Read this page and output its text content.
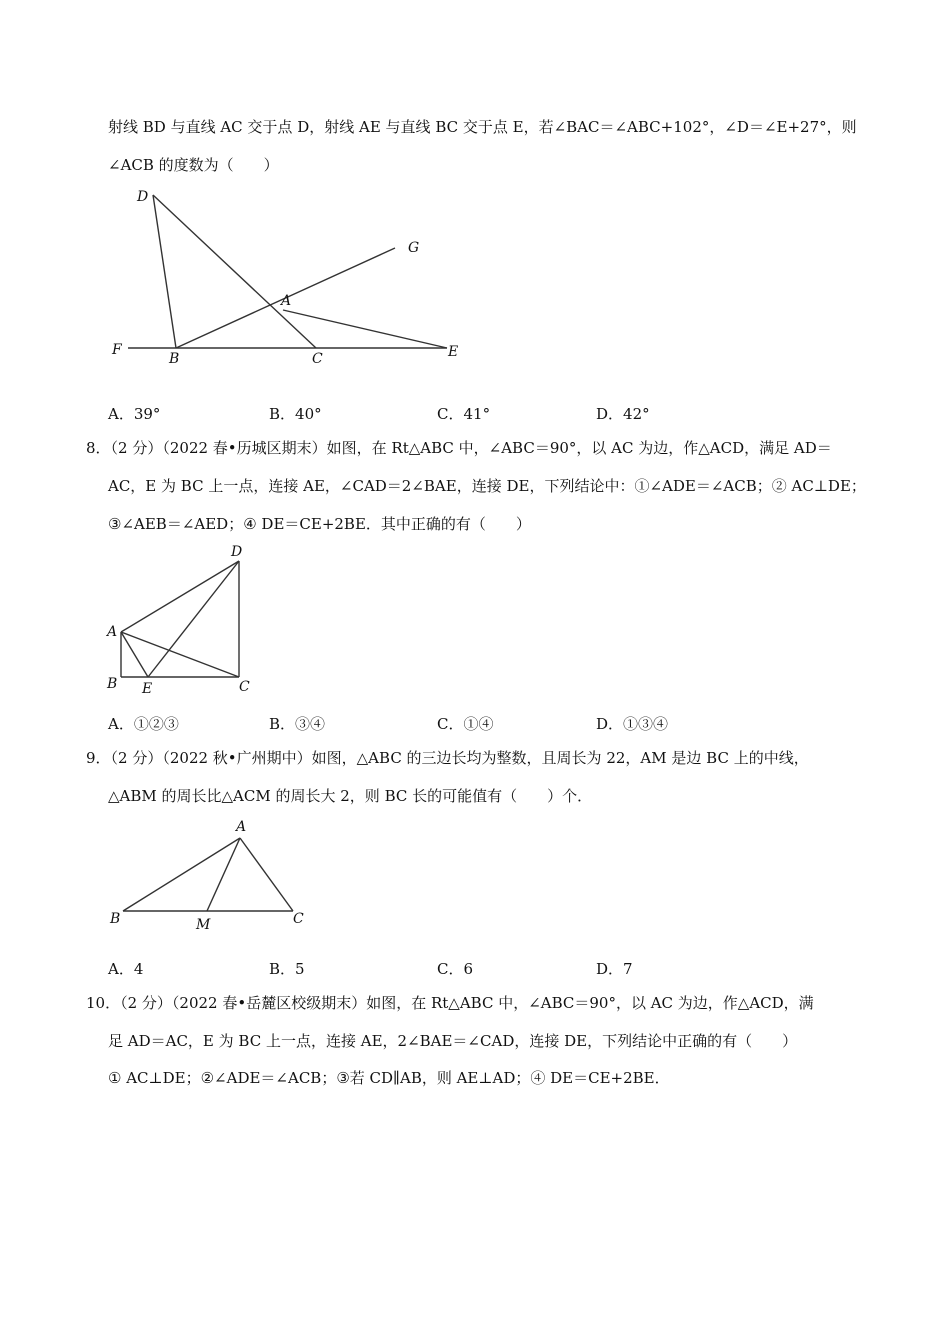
射线 BD 与直线 AC 交于点 D，射线 AE 与直线 BC 交于点 E，若∠BAC＝∠ABC+102°，∠D＝∠E+27°，则
∠ACB 的度数为（　　）
D
G
A
F
B	C	E
A．39°	B．40°	C．41°	D．42°
8．（2 分）（2022 春•历城区期末）如图，在 Rt△ABC 中，∠ABC＝90°，以 AC 为边，作△ACD，满足 AD＝
AC，E 为 BC 上一点，连接 AE，∠CAD＝2∠BAE，连接 DE，下列结论中：①∠ADE＝∠ACB；② AC⊥DE；
③∠AEB＝∠AED；④ DE＝CE+2BE．其中正确的有（　　）
D
A
B E	C
A．①②③	B．③④	C．①④	D．①③④
9．（2 分）（2022 秋•广州期中）如图，△ABC 的三边长均为整数，且周长为 22，AM 是边 BC 上的中线，
△ABM 的周长比△ACM 的周长大 2，则 BC 长的可能值有（　　）个．
A
B	M	C
A．4	B．5	C．6	D．7
10．（2 分）（2022 春•岳麓区校级期末）如图，在 Rt△ABC 中，∠ABC＝90°，以 AC 为边，作△ACD，满
足 AD＝AC，E 为 BC 上一点，连接 AE，2∠BAE＝∠CAD，连接 DE，下列结论中正确的有（　　）
① AC⊥DE；②∠ADE＝∠ACB；③若 CD∥AB，则 AE⊥AD；④ DE＝CE+2BE．
